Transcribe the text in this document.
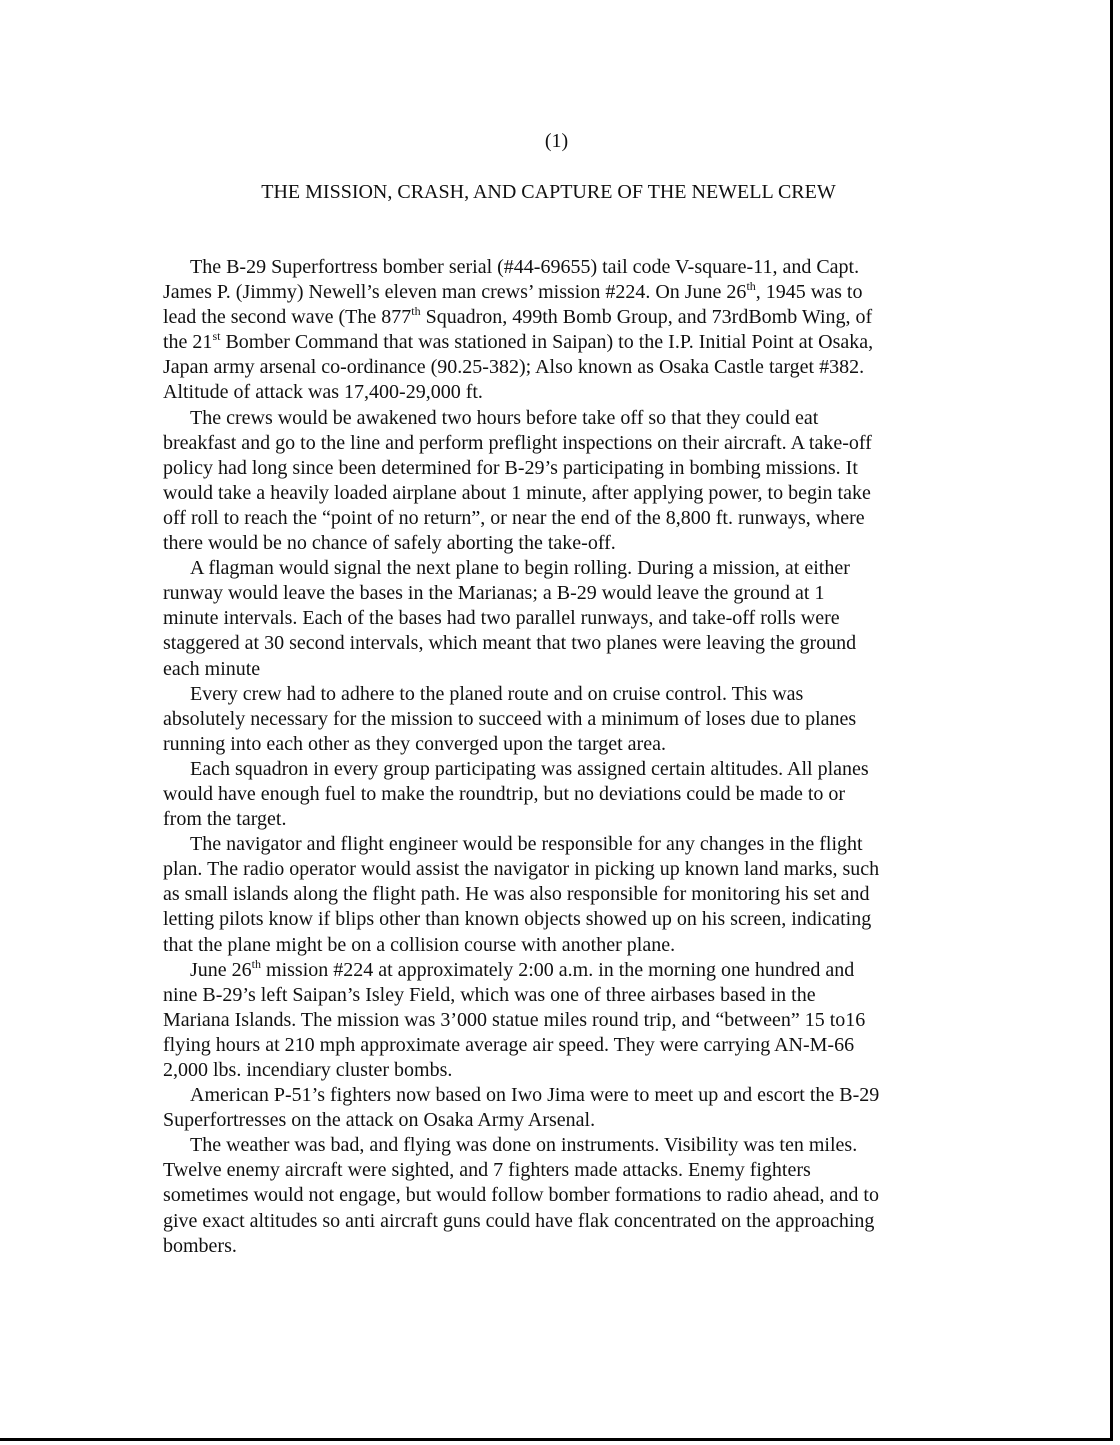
(1)
THE MISSION, CRASH, AND CAPTURE OF THE NEWELL CREW

The B-29 Superfortress bomber serial (#44-69655) tail code V-square-11, and Capt.
James P. (Jimmy) Newell’s eleven man crews’ mission #224. On June 26th, 1945 was to
lead the second wave (The 877th Squadron, 499th Bomb Group, and 73rdBomb Wing, of
the 21st Bomber Command that was stationed in Saipan) to the I.P. Initial Point at Osaka,
Japan army arsenal co-ordinance (90.25-382); Also known as Osaka Castle target #382.
Altitude of attack was 17,400-29,000 ft.

The crews would be awakened two hours before take off so that they could eat
breakfast and go to the line and perform preflight inspections on their aircraft. A take-off
policy had long since been determined for B-29’s participating in bombing missions. It
would take a heavily loaded airplane about 1 minute, after applying power, to begin take
off roll to reach the “point of no return”, or near the end of the 8,800 ft. runways, where
there would be no chance of safely aborting the take-off.

A flagman would signal the next plane to begin rolling. During a mission, at either
runway would leave the bases in the Marianas; a B-29 would leave the ground at 1
minute intervals. Each of the bases had two parallel runways, and take-off rolls were
staggered at 30 second intervals, which meant that two planes were leaving the ground
each minute

Every crew had to adhere to the planed route and on cruise control. This was
absolutely necessary for the mission to succeed with a minimum of loses due to planes
running into each other as they converged upon the target area.

Each squadron in every group participating was assigned certain altitudes. All planes
would have enough fuel to make the roundtrip, but no deviations could be made to or
from the target.

The navigator and flight engineer would be responsible for any changes in the flight
plan. The radio operator would assist the navigator in picking up known land marks, such
as small islands along the flight path. He was also responsible for monitoring his set and
letting pilots know if blips other than known objects showed up on his screen, indicating
that the plane might be on a collision course with another plane.

June 26th mission #224 at approximately 2:00 a.m. in the morning one hundred and
nine B-29’s left Saipan’s Isley Field, which was one of three airbases based in the
Mariana Islands. The mission was 3’000 statue miles round trip, and “between” 15 to16
flying hours at 210 mph approximate average air speed. They were carrying AN-M-66
2,000 lbs. incendiary cluster bombs.

American P-51’s fighters now based on Iwo Jima were to meet up and escort the B-29
Superfortresses on the attack on Osaka Army Arsenal.

The weather was bad, and flying was done on instruments. Visibility was ten miles.
Twelve enemy aircraft were sighted, and 7 fighters made attacks. Enemy fighters
sometimes would not engage, but would follow bomber formations to radio ahead, and to
give exact altitudes so anti aircraft guns could have flak concentrated on the approaching
bombers.
